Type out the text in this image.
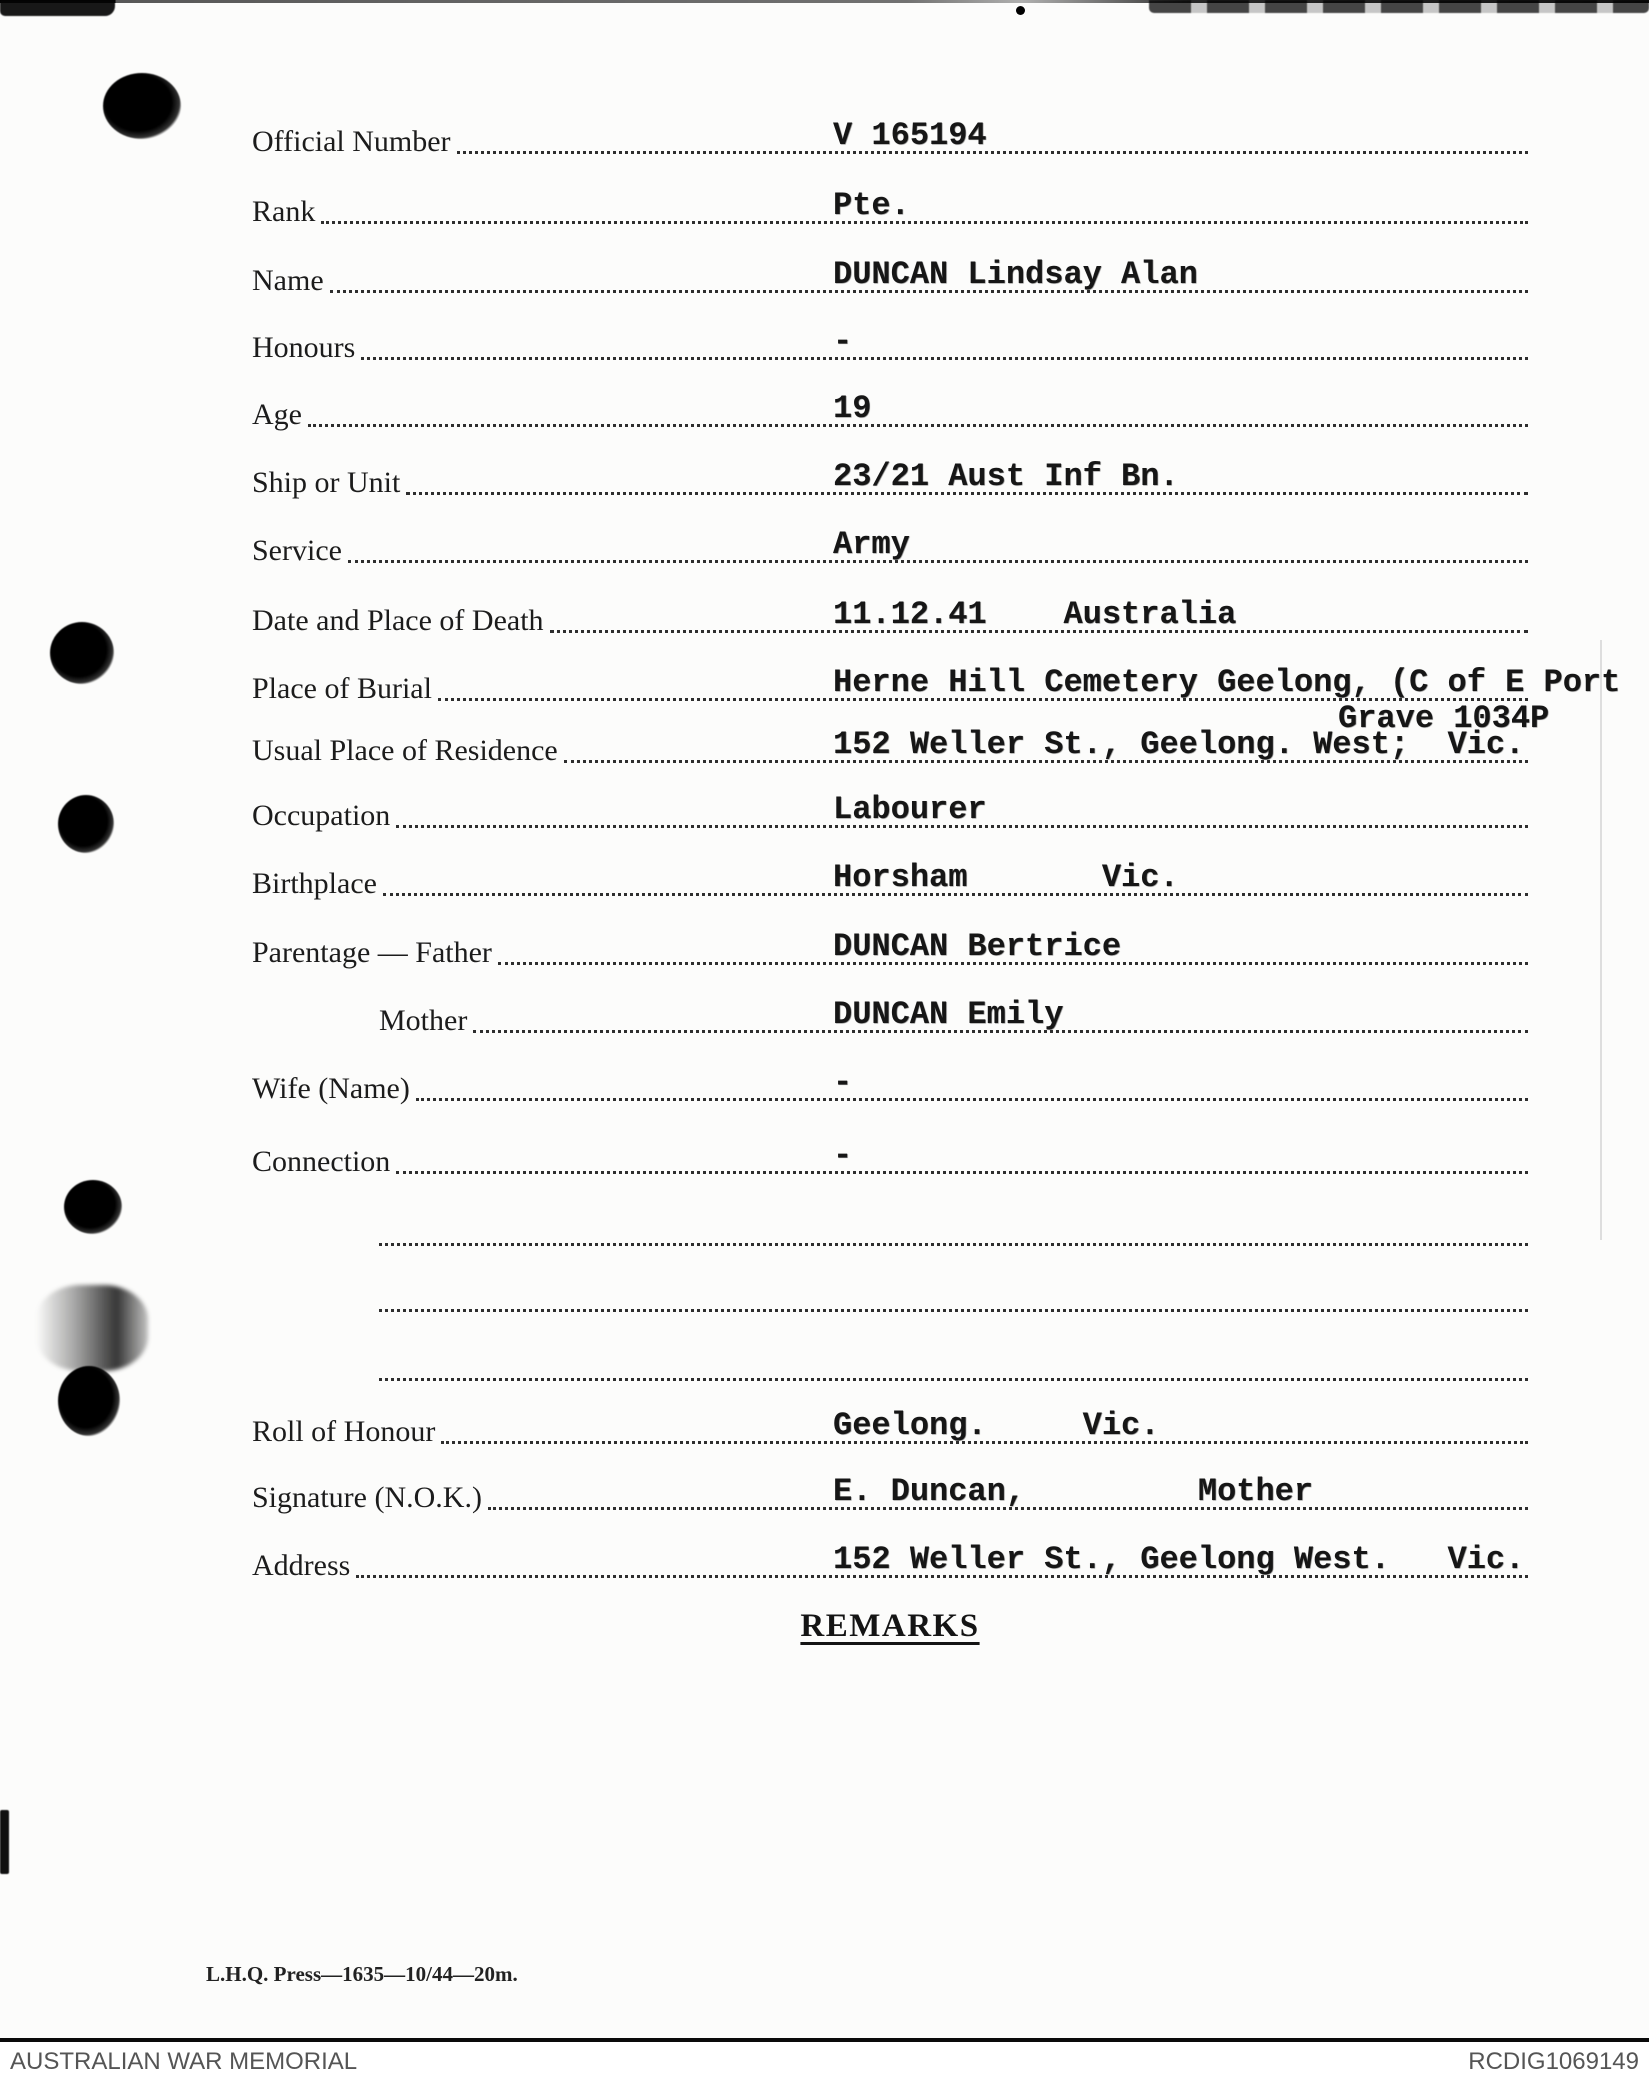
Official Number	V 165194
Rank	Pte.
Name	DUNCAN Lindsay Alan
Honours	-
Age	19
Ship or Unit	23/21 Aust Inf Bn.
Service	Army
Date and Place of Death	11.12.41    Australia
Place of Burial	Herne Hill Cemetery Geelong, (C of E Port
Grave 1034P
Usual Place of Residence	152 Weller St., Geelong. West;  Vic.
Occupation	Labourer
Birthplace	Horsham       Vic.
Parentage — Father	DUNCAN Bertrice
Mother	DUNCAN Emily
Wife (Name)	-
Connection	-
Roll of Honour	Geelong.     Vic.
Signature (N.O.K.)	E. Duncan,         Mother
Address	152 Weller St., Geelong West.   Vic.
REMARKS
L.H.Q. Press—1635—10/44—20m.
AUSTRALIAN WAR MEMORIAL	RCDIG1069149
